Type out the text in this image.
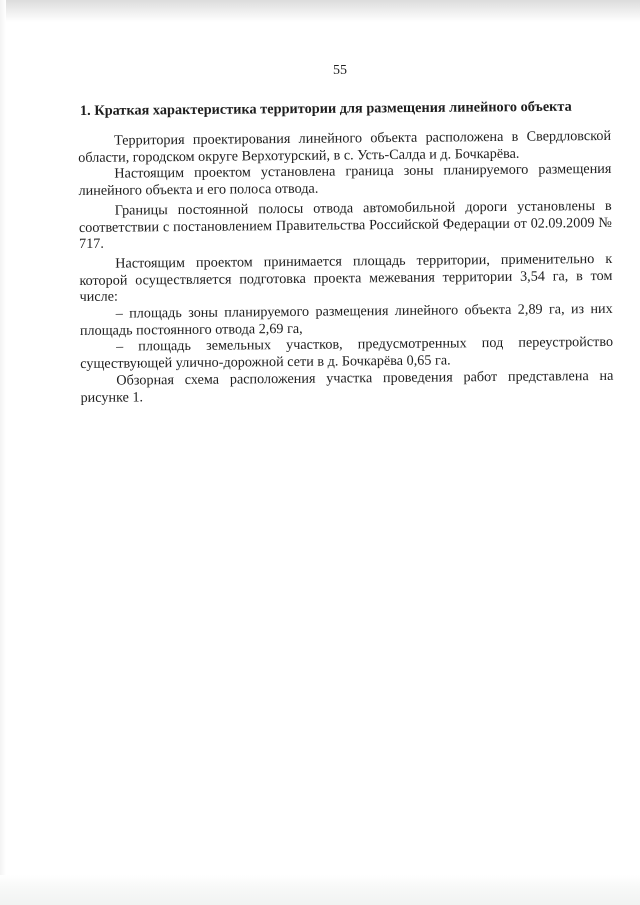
55
1. Краткая характеристика территории для размещения линейного объекта

Территория проектирования линейного объекта расположена в Свердловской области, городском округе Верхотурский, в с. Усть-Салда и д. Бочкарёва.

Настоящим проектом установлена граница зоны планируемого размещения линейного объекта и его полоса отвода.

Границы постоянной полосы отвода автомобильной дороги установлены в соответствии с постановлением Правительства Российской Федерации от 02.09.2009 № 717.

Настоящим проектом принимается площадь территории, применительно к которой осуществляется подготовка проекта межевания территории 3,54 га, в том числе:

– площадь зоны планируемого размещения линейного объекта 2,89 га, из них площадь постоянного отвода 2,69 га,

– площадь земельных участков, предусмотренных под переустройство существующей улично-дорожной сети в д. Бочкарёва 0,65 га.

Обзорная схема расположения участка проведения работ представлена на рисунке 1.
